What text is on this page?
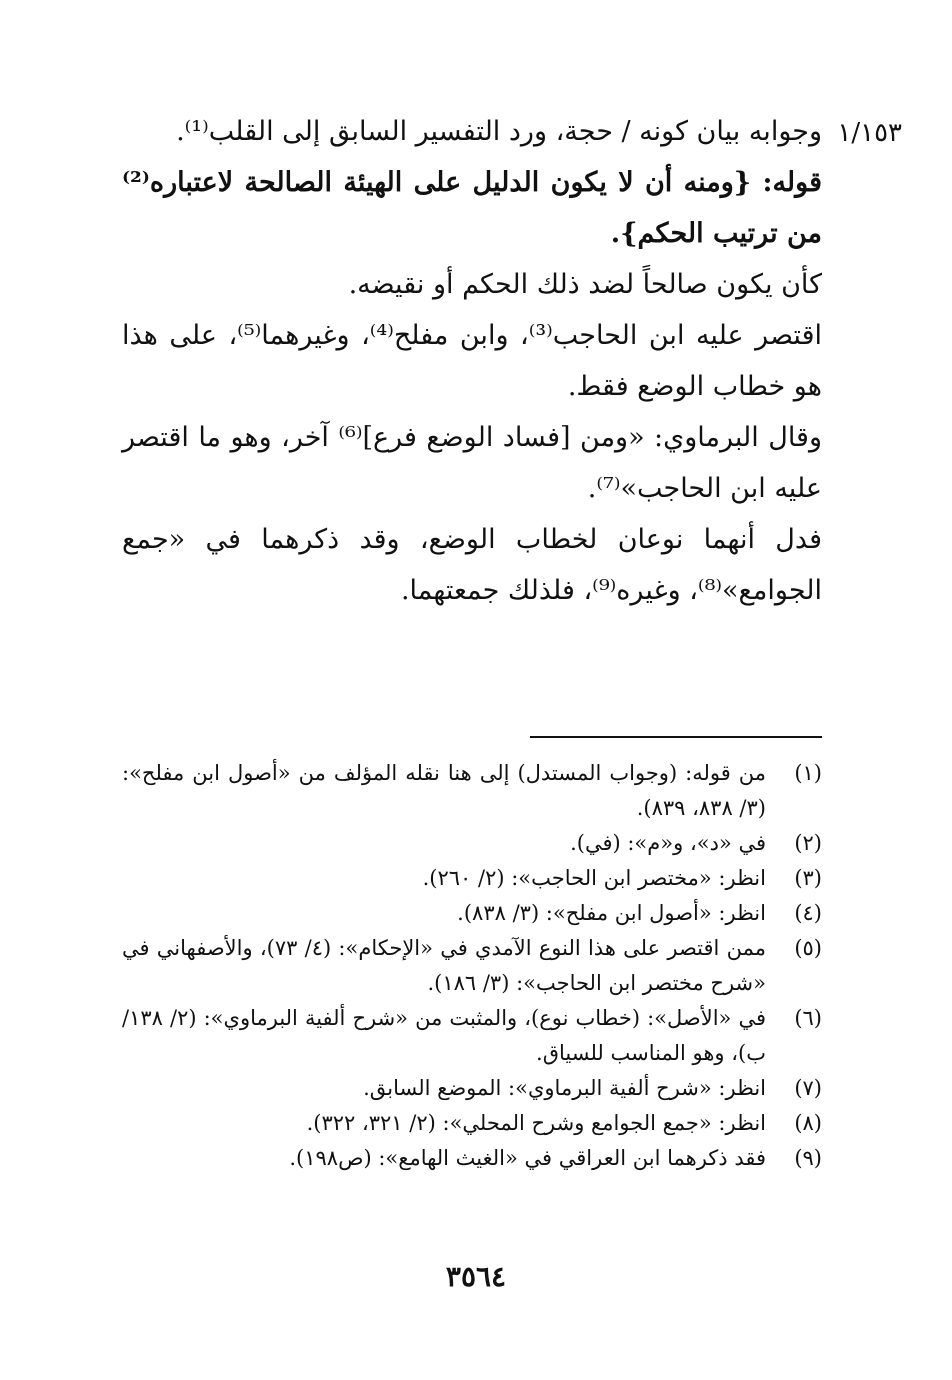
١/١٥٣

وجوابه بيان كونه / حجة، ورد التفسير السابق إلى القلب⁽¹⁾.

قوله: {ومنه أن لا يكون الدليل على الهيئة الصالحة لاعتباره⁽²⁾ من ترتيب الحكم}.

كأن يكون صالحاً لضد ذلك الحكم أو نقيضه.

اقتصر عليه ابن الحاجب⁽³⁾، وابن مفلح⁽⁴⁾، وغيرهما⁽⁵⁾، على هذا هو خطاب الوضع فقط.

وقال البرماوي: «ومن [فساد الوضع فرع]⁽⁶⁾ آخر، وهو ما اقتصر عليه ابن الحاجب»⁽⁷⁾.

فدل أنهما نوعان لخطاب الوضع، وقد ذكرهما في «جمع الجوامع»⁽⁸⁾، وغيره⁽⁹⁾، فلذلك جمعتهما.

(١)
من قوله: (وجواب المستدل) إلى هنا نقله المؤلف من «أصول ابن مفلح»: (٣/ ٨٣٨، ٨٣٩).
(٢)
في «د»، و«م»: (في).
(٣)
انظر: «مختصر ابن الحاجب»: (٢/ ٢٦٠).
(٤)
انظر: «أصول ابن مفلح»: (٣/ ٨٣٨).
(٥)
ممن اقتصر على هذا النوع الآمدي في «الإحكام»: (٤/ ٧٣)، والأصفهاني في «شرح مختصر ابن الحاجب»: (٣/ ١٨٦).
(٦)
في «الأصل»: (خطاب نوع)، والمثبت من «شرح ألفية البرماوي»: (٢/ ١٣٨/ ب)، وهو المناسب للسياق.
(٧)
انظر: «شرح ألفية البرماوي»: الموضع السابق.
(٨)
انظر: «جمع الجوامع وشرح المحلي»: (٢/ ٣٢١، ٣٢٢).
(٩)
فقد ذكرهما ابن العراقي في «الغيث الهامع»: (ص١٩٨).
٣٥٦٤
